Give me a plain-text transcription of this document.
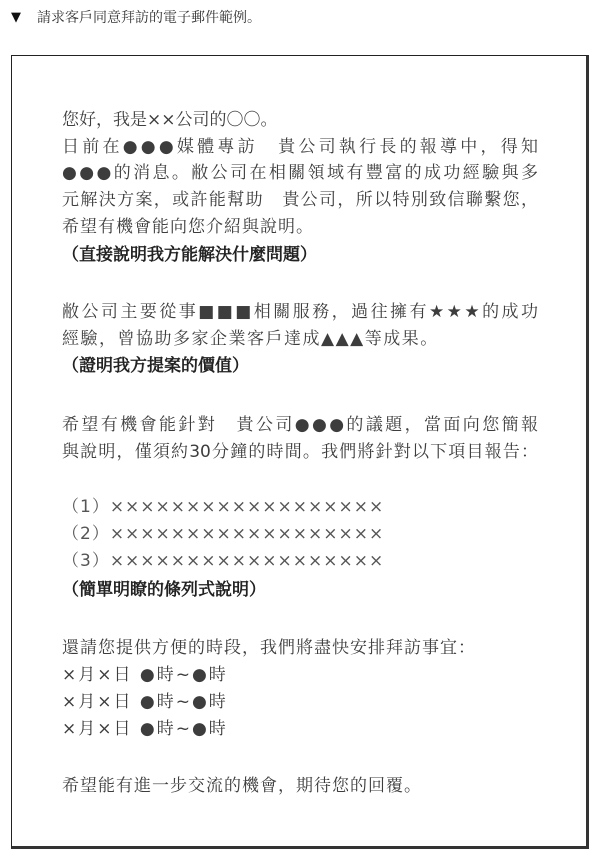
▼ 請求客戶同意拜訪的電子郵件範例。
您好，我是××公司的〇〇。
日前在●●●媒體專訪　貴公司執行長的報導中，得知
●●●的消息。敝公司在相關領域有豐富的成功經驗與多
元解決方案，或許能幫助　貴公司，所以特別致信聯繫您，
希望有機會能向您介紹與說明。
（直接說明我方能解決什麼問題）
敝公司主要從事■■■相關服務，過往擁有★★★的成功
經驗，曾協助多家企業客戶達成▲▲▲等成果。
（證明我方提案的價值）
希望有機會能針對　貴公司●●●的議題，當面向您簡報
與說明，僅須約30分鐘的時間。我們將針對以下項目報告：
（1）××××××××××××××××××
（2）××××××××××××××××××
（3）××××××××××××××××××
（簡單明瞭的條列式說明）
還請您提供方便的時段，我們將盡快安排拜訪事宜：
×月×日 ●時~●時
×月×日 ●時~●時
×月×日 ●時~●時
希望能有進一步交流的機會，期待您的回覆。
